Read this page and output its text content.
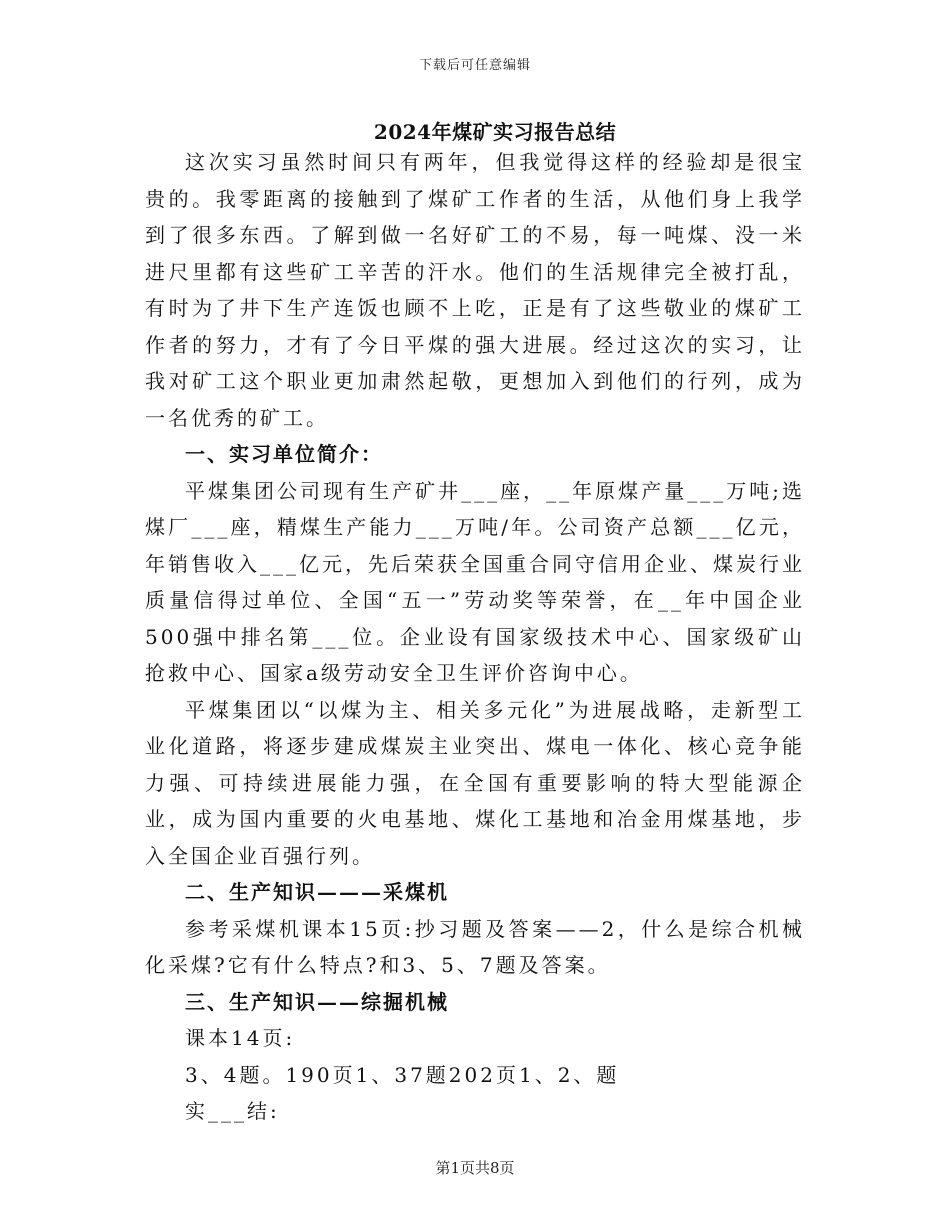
下载后可任意编辑
2024年煤矿实习报告总结

这次实习虽然时间只有两年，但我觉得这样的经验却是很宝贵的。我零距离的接触到了煤矿工作者的生活，从他们身上我学到了很多东西。了解到做一名好矿工的不易，每一吨煤、没一米进尺里都有这些矿工辛苦的汗水。他们的生活规律完全被打乱，有时为了井下生产连饭也顾不上吃，正是有了这些敬业的煤矿工作者的努力，才有了今日平煤的强大进展。经过这次的实习，让我对矿工这个职业更加肃然起敬，更想加入到他们的行列，成为一名优秀的矿工。

一、实习单位简介：

平煤集团公司现有生产矿井___座，__年原煤产量___万吨;选煤厂___座，精煤生产能力___万吨/年。公司资产总额___亿元，年销售收入___亿元，先后荣获全国重合同守信用企业、煤炭行业质量信得过单位、全国“五一”劳动奖等荣誉，在__年中国企业500强中排名第___位。企业设有国家级技术中心、国家级矿山抢救中心、国家a级劳动安全卫生评价咨询中心。

平煤集团以“以煤为主、相关多元化”为进展战略，走新型工业化道路，将逐步建成煤炭主业突出、煤电一体化、核心竞争能力强、可持续进展能力强，在全国有重要影响的特大型能源企业，成为国内重要的火电基地、煤化工基地和冶金用煤基地，步入全国企业百强行列。

二、生产知识———采煤机

参考采煤机课本15页:抄习题及答案——2，什么是综合机械化采煤?它有什么特点?和3、5、7题及答案。

三、生产知识——综掘机械

课本14页:

3、4题。190页1、37题202页1、2、题

实___结:

第1页共8页
